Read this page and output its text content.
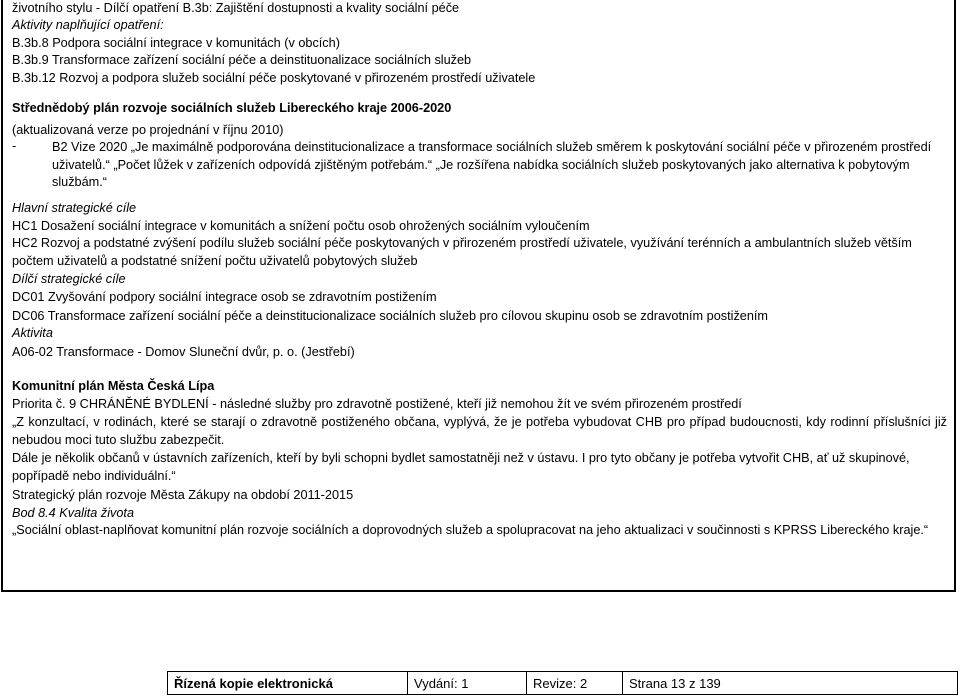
životního stylu - Dílčí opatření B.3b: Zajištění dostupnosti a kvality sociální péče
Aktivity naplňující opatření:
B.3b.8 Podpora sociální integrace v komunitách (v obcích)
B.3b.9 Transformace zařízení sociální péče a deinstituonalizace sociálních služeb
B.3b.12 Rozvoj a podpora služeb sociální péče poskytované v přirozeném prostředí uživatele
Střednědobý plán rozvoje sociálních služeb Libereckého kraje 2006-2020
(aktualizovaná verze po projednání v říjnu 2010)
-	B2 Vize 2020 „Je maximálně podporována deinstitucionalizace a transformace sociálních služeb směrem k poskytování sociální péče v přirozeném prostředí uživatelů.“ „Počet lůžek v zařízeních odpovídá zjištěným potřebám.“ „Je rozšířena nabídka sociálních služeb poskytovaných jako alternativa k pobytovým službám.“
Hlavní strategické cíle
HC1 Dosažení sociální integrace v komunitách a snížení počtu osob ohrožených sociálním vyloučením
HC2 Rozvoj a podstatné zvýšení podílu služeb sociální péče poskytovaných v přirozeném prostředí uživatele, využívání terénních a ambulantních služeb větším počtem uživatelů a podstatné snížení počtu uživatelů pobytových služeb
Dílčí strategické cíle
DC01 Zvyšování podpory sociální integrace osob se zdravotním postižením
DC06 Transformace zařízení sociální péče a deinstitucionalizace sociálních služeb pro cílovou skupinu osob se zdravotním postižením
Aktivita
A06-02 Transformace - Domov Sluneční dvůr, p. o. (Jestřebí)
Komunitní plán Města Česká Lípa
Priorita č. 9 CHRÁNĚNÉ BYDLENÍ - následné služby pro zdravotně postižené, kteří již nemohou žít ve svém přirozeném prostředí
„Z konzultací, v rodinách, které se starají o zdravotně postiženého občana, vyplývá, že je potřeba vybudovat CHB pro případ budoucnosti, kdy rodinní příslušníci již nebudou moci tuto službu zabezpečit.
Dále je několik občanů v ústavních zařízeních, kteří by byli schopni bydlet samostatněji než v ústavu. I pro tyto občany je potřeba vytvořit CHB, ať už skupinové, popřípadě nebo individuální.“
Strategický plán rozvoje Města Zákupy na období 2011-2015
Bod 8.4 Kvalita života
„Sociální oblast-naplňovat komunitní plán rozvoje sociálních a doprovodných služeb a spolupracovat na jeho aktualizaci v součinnosti s KPRSS Libereckého kraje.“
Řízená kopie elektronická	Vydání: 1	Revize: 2	Strana 13 z 139
